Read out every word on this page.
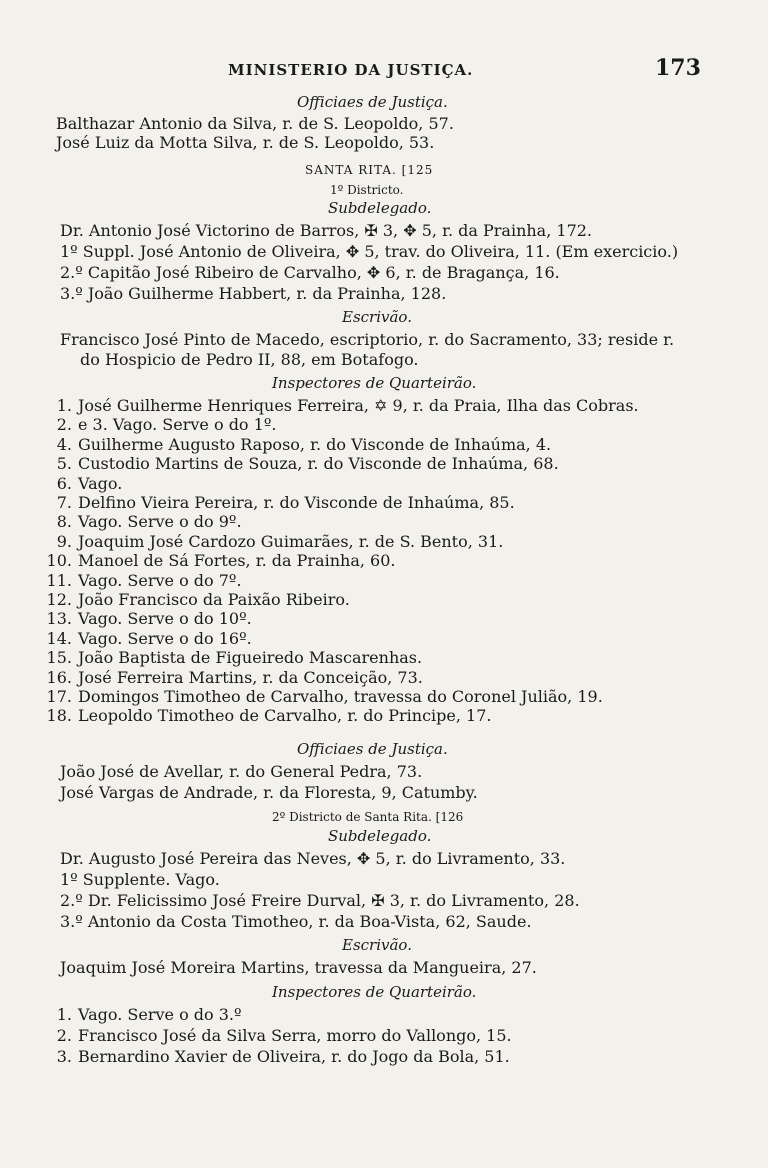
MINISTERIO DA JUSTIÇA.	173
Officiaes de Justiça.
Balthazar Antonio da Silva, r. de S. Leopoldo, 57.
José Luiz da Motta Silva, r. de S. Leopoldo, 53.
SANTA RITA. [125
1º Districto.
Subdelegado.
Dr. Antonio José Victorino de Barros, ✠ 3, ✥ 5, r. da Prainha, 172.
1º Suppl. José Antonio de Oliveira, ✥ 5, trav. do Oliveira, 11. (Em exercicio.)
2.º Capitão José Ribeiro de Carvalho, ✥ 6, r. de Bragança, 16.
3.º João Guilherme Habbert, r. da Prainha, 128.
Escrivão.
Francisco José Pinto de Macedo, escriptorio, r. do Sacramento, 33; reside r.
do Hospicio de Pedro II, 88, em Botafogo.
Inspectores de Quarteirão.
1. José Guilherme Henriques Ferreira, ✡ 9, r. da Praia, Ilha das Cobras.
2. e 3. Vago. Serve o do 1º.
4. Guilherme Augusto Raposo, r. do Visconde de Inhaúma, 4.
5. Custodio Martins de Souza, r. do Visconde de Inhaúma, 68.
6. Vago.
7. Delfino Vieira Pereira, r. do Visconde de Inhaúma, 85.
8. Vago. Serve o do 9º.
9. Joaquim José Cardozo Guimarães, r. de S. Bento, 31.
10. Manoel de Sá Fortes, r. da Prainha, 60.
11. Vago. Serve o do 7º.
12. João Francisco da Paixão Ribeiro.
13. Vago. Serve o do 10º.
14. Vago. Serve o do 16º.
15. João Baptista de Figueiredo Mascarenhas.
16. José Ferreira Martins, r. da Conceição, 73.
17. Domingos Timotheo de Carvalho, travessa do Coronel Julião, 19.
18. Leopoldo Timotheo de Carvalho, r. do Principe, 17.
Officiaes de Justiça.
João José de Avellar, r. do General Pedra, 73.
José Vargas de Andrade, r. da Floresta, 9, Catumby.
2º Districto de Santa Rita. [126
Subdelegado.
Dr. Augusto José Pereira das Neves, ✥ 5, r. do Livramento, 33.
1º Supplente. Vago.
2.º Dr. Felicissimo José Freire Durval, ✠ 3, r. do Livramento, 28.
3.º Antonio da Costa Timotheo, r. da Boa-Vista, 62, Saude.
Escrivão.
Joaquim José Moreira Martins, travessa da Mangueira, 27.
Inspectores de Quarteirão.
1. Vago. Serve o do 3.º
2. Francisco José da Silva Serra, morro do Vallongo, 15.
3. Bernardino Xavier de Oliveira, r. do Jogo da Bola, 51.
